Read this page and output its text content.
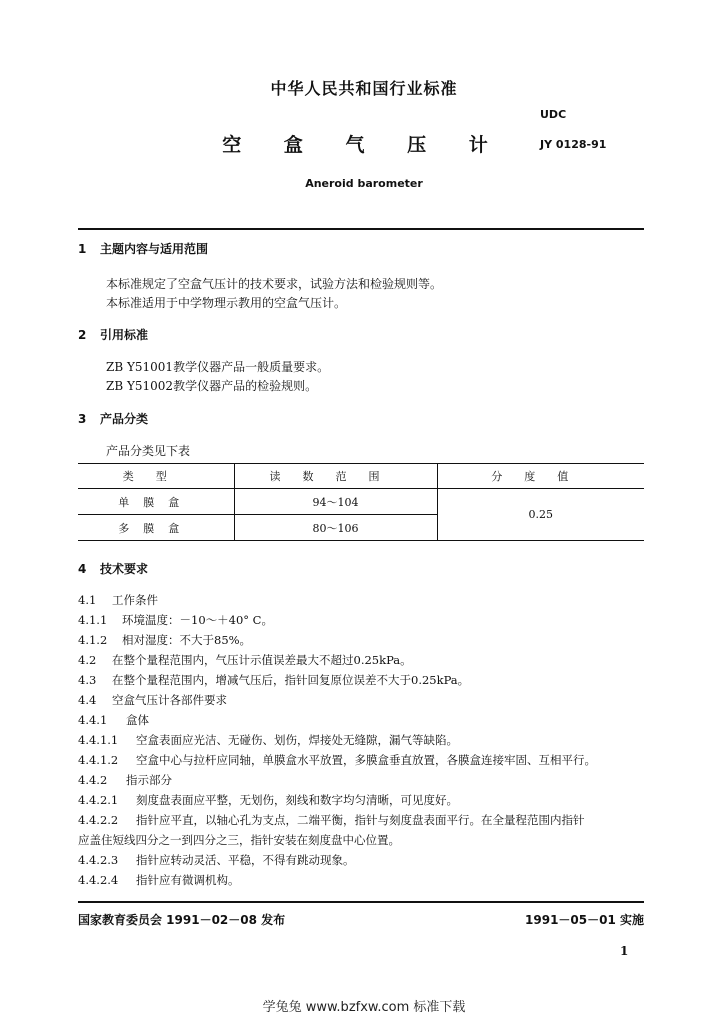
中华人民共和国行业标准
UDC
空 盒 气 压 计	JY 0128-91
Aneroid barometer
1 主题内容与适用范围
本标准规定了空盒气压计的技术要求，试验方法和检验规则等。
本标准适用于中学物理示教用的空盒气压计。
2 引用标准
ZB Y51001教学仪器产品一般质量要求。
ZB Y51002教学仪器产品的检验规则。
3 产品分类
产品分类见下表
类型	读数范围	分度值
单膜盒	94～104	0.25
多膜盒	80～106	
4 技术要求
4.1 工作条件
4.1.1 环境温度：－10～＋40° C。
4.1.2 相对湿度：不大于85%。
4.2 在整个量程范围内，气压计示值误差最大不超过0.25kPa。
4.3 在整个量程范围内，增减气压后，指针回复原位误差不大于0.25kPa。
4.4 空盒气压计各部件要求
4.4.1 盒体
4.4.1.1 空盒表面应光洁、无碰伤、划伤，焊接处无缝隙，漏气等缺陷。
4.4.1.2 空盒中心与拉杆应同轴，单膜盒水平放置，多膜盒垂直放置，各膜盒连接牢固、互相平行。
4.4.2 指示部分
4.4.2.1 刻度盘表面应平整，无划伤，刻线和数字均匀清晰，可见度好。
4.4.2.2 指针应平直，以轴心孔为支点，二端平衡，指针与刻度盘表面平行。在全量程范围内指针
应盖住短线四分之一到四分之三，指针安装在刻度盘中心位置。
4.4.2.3 指针应转动灵活、平稳，不得有跳动现象。
4.4.2.4 指针应有微调机构。
国家教育委员会 1991－02－08 发布	1991－05－01 实施
1
学兔兔 www.bzfxw.com 标准下载
